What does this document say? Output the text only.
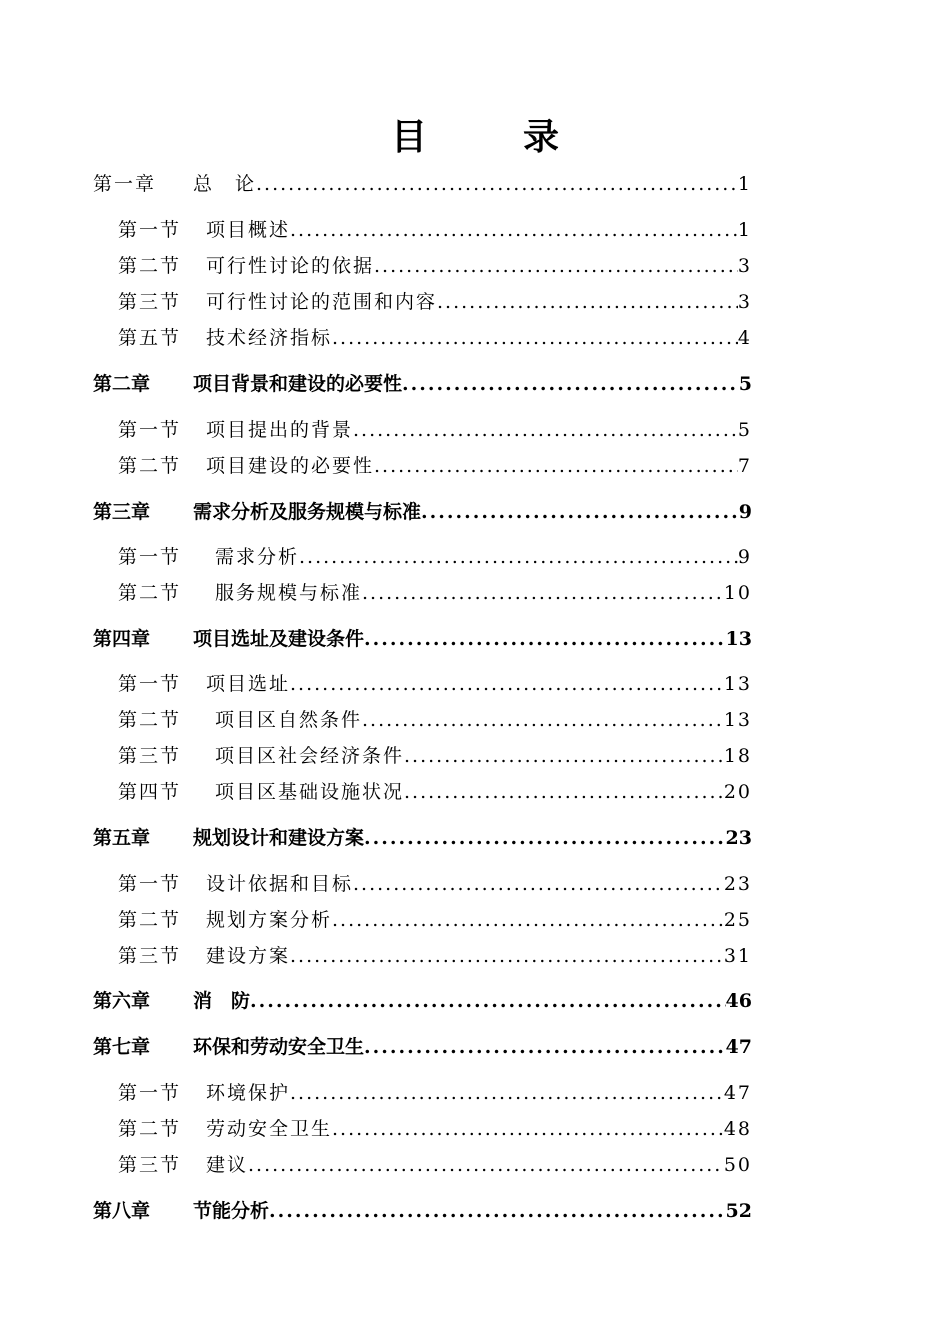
目　录
第一章	总　论 .....	1
第一节	项目概述 .....	1
第二节	可行性讨论的依据 .....	3
第三节	可行性讨论的范围和内容 .....	3
第五节	技术经济指标 .....	4
第二章	项目背景和建设的必要性 .....	5
第一节	项目提出的背景 .....	5
第二节	项目建设的必要性 .....	7
第三章	需求分析及服务规模与标准 .....	9
第一节	需求分析 .....	9
第二节	服务规模与标准 .....	10
第四章	项目选址及建设条件 .....	13
第一节	项目选址 .....	13
第二节	项目区自然条件 .....	13
第三节	项目区社会经济条件 .....	18
第四节	项目区基础设施状况 .....	20
第五章	规划设计和建设方案 .....	23
第一节	设计依据和目标 .....	23
第二节	规划方案分析 .....	25
第三节	建设方案 .....	31
第六章	消　防 .....	46
第七章	环保和劳动安全卫生 .....	47
第一节	环境保护 .....	47
第二节	劳动安全卫生 .....	48
第三节	建议 .....	50
第八章	节能分析 .....	52
